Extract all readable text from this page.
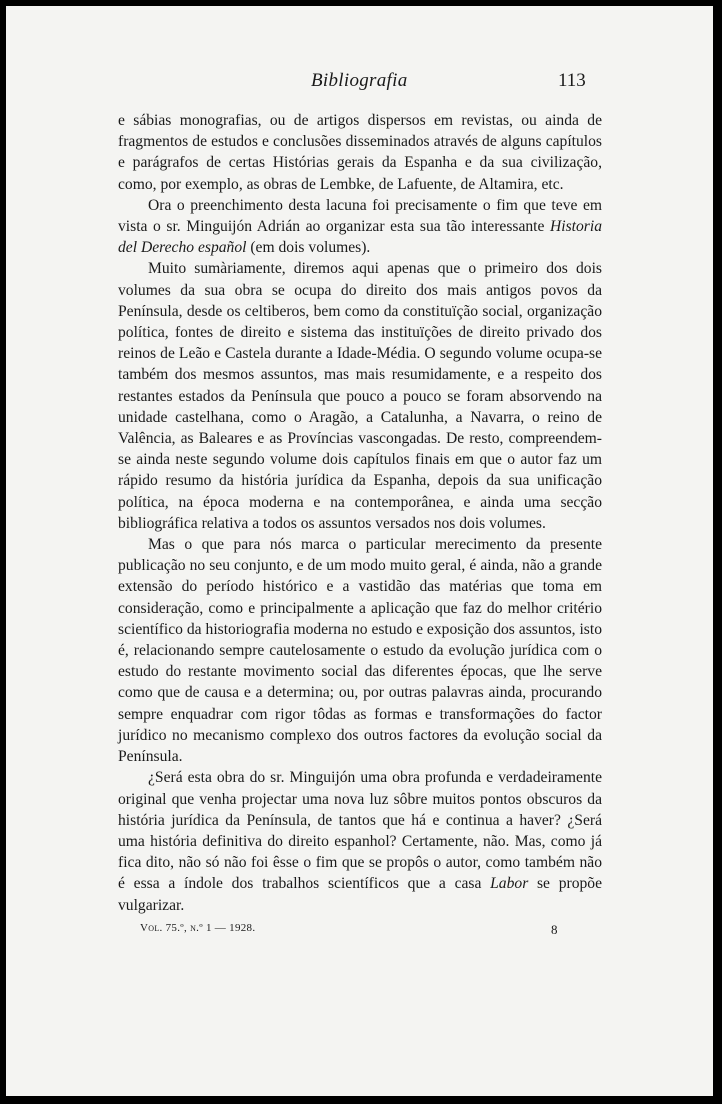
Bibliografia	113

e sábias monografias, ou de artigos dispersos em revistas, ou ainda de fragmentos de estudos e conclusões disseminados através de alguns capítulos e parágrafos de certas Histórias gerais da Espanha e da sua civilização, como, por exemplo, as obras de Lembke, de Lafuente, de Altamira, etc.

Ora o preenchimento desta lacuna foi precisamente o fim que teve em vista o sr. Minguijón Adrián ao organizar esta sua tão interessante Historia del Derecho español (em dois volumes).

Muito sumàriamente, diremos aqui apenas que o primeiro dos dois volumes da sua obra se ocupa do direito dos mais antigos povos da Península, desde os celtiberos, bem como da constituïção social, organização política, fontes de direito e sistema das instituïções de direito privado dos reinos de Leão e Castela durante a Idade-Média. O segundo volume ocupa-se também dos mesmos assuntos, mas mais resumidamente, e a respeito dos restantes estados da Península que pouco a pouco se foram absorvendo na unidade castelhana, como o Aragão, a Catalunha, a Navarra, o reino de Valência, as Baleares e as Províncias vascongadas. De resto, compreendem-se ainda neste segundo volume dois capítulos finais em que o autor faz um rápido resumo da história jurídica da Espanha, depois da sua unificação política, na época moderna e na contemporânea, e ainda uma secção bibliográfica relativa a todos os assuntos versados nos dois volumes.

Mas o que para nós marca o particular merecimento da presente publicação no seu conjunto, e de um modo muito geral, é ainda, não a grande extensão do período histórico e a vastidão das matérias que toma em consideração, como e principalmente a aplicação que faz do melhor critério scientífico da historiografia moderna no estudo e exposição dos assuntos, isto é, relacionando sempre cautelosamente o estudo da evolução jurídica com o estudo do restante movimento social das diferentes épocas, que lhe serve como que de causa e a determina; ou, por outras palavras ainda, procurando sempre enquadrar com rigor tôdas as formas e transformações do factor jurídico no mecanismo complexo dos outros factores da evolução social da Península.

¿Será esta obra do sr. Minguijón uma obra profunda e verdadeiramente original que venha projectar uma nova luz sôbre muitos pontos obscuros da história jurídica da Península, de tantos que há e continua a haver? ¿Será uma história definitiva do direito espanhol? Certamente, não. Mas, como já fica dito, não só não foi êsse o fim que se propôs o autor, como também não é essa a índole dos trabalhos scientíficos que a casa Labor se propõe vulgarizar.

Vol. 75.º, n.º 1 — 1928.	8
